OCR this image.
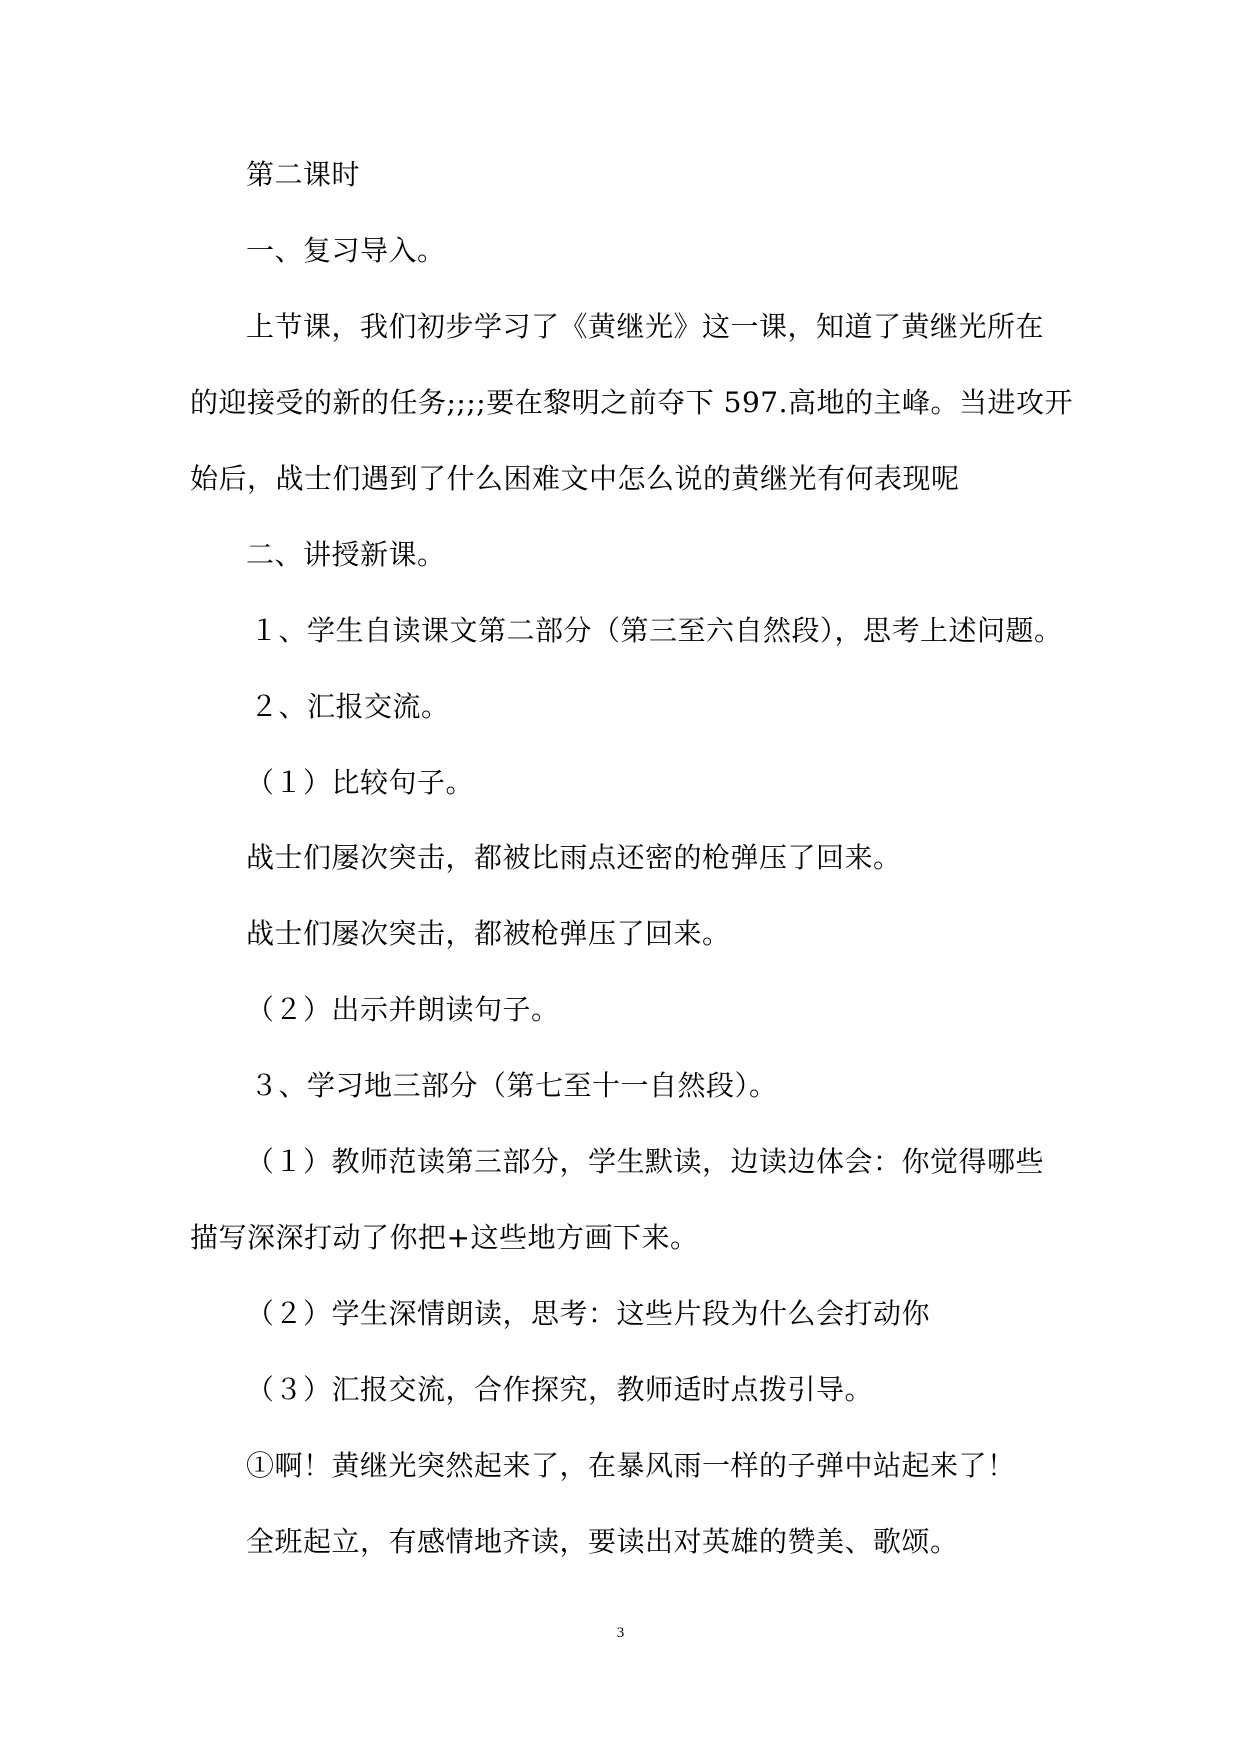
第二课时
一、复习导入。
上节课，我们初步学习了《黄继光》这一课，知道了黄继光所在
的迎接受的新的任务;;;;要在黎明之前夺下 597.高地的主峰。当进攻开
始后，战士们遇到了什么困难文中怎么说的黄继光有何表现呢
二、讲授新课。
１、学生自读课文第二部分（第三至六自然段），思考上述问题。
２、汇报交流。
（１）比较句子。
战士们屡次突击，都被比雨点还密的枪弹压了回来。
战士们屡次突击，都被枪弹压了回来。
（２）出示并朗读句子。
３、学习地三部分（第七至十一自然段）。
（１）教师范读第三部分，学生默读，边读边体会：你觉得哪些
描写深深打动了你把+这些地方画下来。
（２）学生深情朗读，思考：这些片段为什么会打动你
（３）汇报交流，合作探究，教师适时点拨引导。
①啊！黄继光突然起来了，在暴风雨一样的子弹中站起来了！
全班起立，有感情地齐读，要读出对英雄的赞美、歌颂。
3
